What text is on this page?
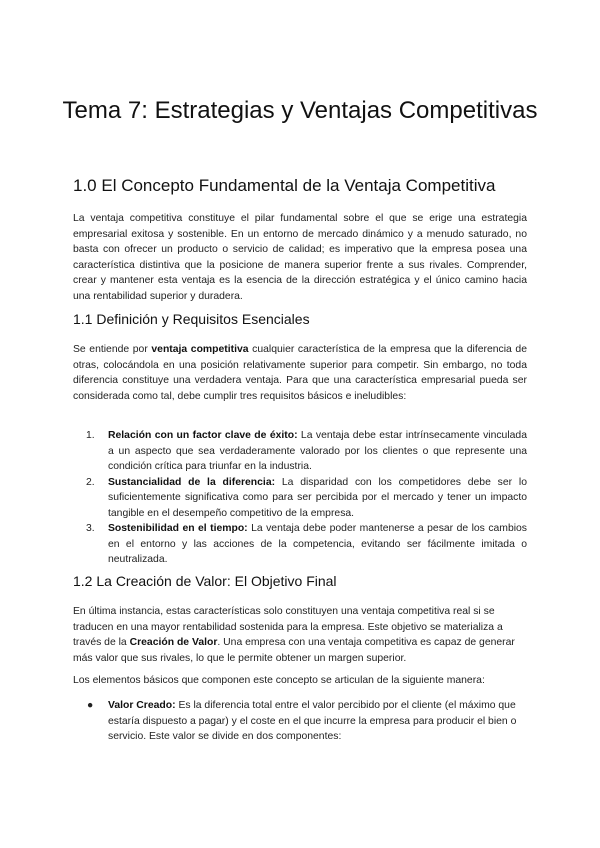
Tema 7: Estrategias y Ventajas Competitivas
1.0 El Concepto Fundamental de la Ventaja Competitiva

La ventaja competitiva constituye el pilar fundamental sobre el que se erige una estrategia empresarial exitosa y sostenible. En un entorno de mercado dinámico y a menudo saturado, no basta con ofrecer un producto o servicio de calidad; es imperativo que la empresa posea una característica distintiva que la posicione de manera superior frente a sus rivales. Comprender, crear y mantener esta ventaja es la esencia de la dirección estratégica y el único camino hacia una rentabilidad superior y duradera.

1.1 Definición y Requisitos Esenciales

Se entiende por ventaja competitiva cualquier característica de la empresa que la diferencia de otras, colocándola en una posición relativamente superior para competir. Sin embargo, no toda diferencia constituye una verdadera ventaja. Para que una característica empresarial pueda ser considerada como tal, debe cumplir tres requisitos básicos e ineludibles:

1. Relación con un factor clave de éxito: La ventaja debe estar intrínsecamente vinculada a un aspecto que sea verdaderamente valorado por los clientes o que represente una condición crítica para triunfar en la industria.
2. Sustancialidad de la diferencia: La disparidad con los competidores debe ser lo suficientemente significativa como para ser percibida por el mercado y tener un impacto tangible en el desempeño competitivo de la empresa.
3. Sostenibilidad en el tiempo: La ventaja debe poder mantenerse a pesar de los cambios en el entorno y las acciones de la competencia, evitando ser fácilmente imitada o neutralizada.
1.2 La Creación de Valor: El Objetivo Final

En última instancia, estas características solo constituyen una ventaja competitiva real si se traducen en una mayor rentabilidad sostenida para la empresa. Este objetivo se materializa a través de la Creación de Valor. Una empresa con una ventaja competitiva es capaz de generar más valor que sus rivales, lo que le permite obtener un margen superior.

Los elementos básicos que componen este concepto se articulan de la siguiente manera:

● Valor Creado: Es la diferencia total entre el valor percibido por el cliente (el máximo que estaría dispuesto a pagar) y el coste en el que incurre la empresa para producir el bien o servicio. Este valor se divide en dos componentes:
